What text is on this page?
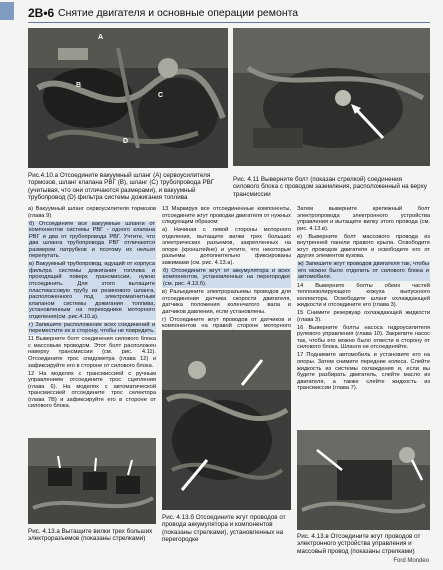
2B•6 Снятие двигателя и основные операции ремонта
A
B
C
D
Рис.4.10.а Отсоедините вакуумный шланг (А) сервоусилителя тормозов, шланг клапана РВГ (В), шланг (С) трубопровода РВГ (учитывая, что они отличаются размерами), и вакуумный трубопровод (D) фильтра системы дожигания топлива
Рис. 4.11 Выверните болт (показан стрелкой) соединения силового блока с проводом заземления, расположенный на верху трансмиссии

а) Вакуумный шланг сервоусилителя тормозов (глава 9)

б) Отсоедините все вакуумные шланги от компонентов системы РВГ - одного клапана РВГ и два от трубопровода РВГ. Учтите, что два шланга трубопровода РВГ отличаются размером патрубков и поэтому их нельзя перепутать.

в) Вакуумный трубопровод, идущий от корпуса фильтра системы дожигания топлива и проходящий поверх трансмиссии, нужно отсоединить. Для этого вытащите пластмассовую трубу из резинового шланга, расположенного под электромагнитным клапаном системы дожигания топлива, установленным на переходнике моторного отделения(см. рис.4.10.а).

г) Запишите расположение всех соединений и переместите их в сторону, чтобы не повредить.

11 Выверните болт соединения силового блока с массовым проводом. Этот болт расположен наверху трансмиссии (см. рис. 4.11). Отсоедините трос спидометра (глава 12) и зафиксируйте его в стороне от силового блока.

12 На моделях с трансмиссией с ручным управлением отсоедините трос сцепления (глава 6). На моделях с автоматической трансмиссией отсоедините трос селектора (глава 7В) и зафиксируйте его в стороне от силового блока.

13 Маркируя все отсоединенные компоненты, отсоедините жгут проводки двигателя от нужных следующим образом:

а) Начиная с левой стороны моторного отделения, вытащите вилки трех больших электрических разъемов, закрепленных на опоре (кронштейне) и учтите, что некоторые разъемы дополнительно фиксированы зажимами (см. рис. 4.13.а).

б) Отсоедините жгут от аккумулятора и всех компонентов, установленных на перегородке (см. рис. 4.13.б).

в) Разъедините электроразъемы проводов для отсоединения датчика скорости двигателя, датчика положения коленчатого вала и датчиков давления, если установлены.

г) Отсоедините жгут проводов от датчиков и компонентов на правой стороне моторного

Затем выверните крепежный болт электропровода электронного устройства управления и вытащите вилку этого провода (см. рис. 4.13.в).

е) Выверните болт массового провода из внутренней панели правого крыла. Освободите жгут проводов двигателя и освободите его от других элементов кузова.

ж) Запишите жгут проводов двигателя так, чтобы его можно было отделить от силового блока и автомобиля.

14 Выверните болты обеих частей теплоизолирующего кожуха выпускного коллектора. Освободите шланг охлаждающей жидкости и отсоедините его (глава 3).

15 Снимите резервуар охлаждающей жидкости (глава 3).

16 Выверните болты насоса гидроусилителя рулевого управления (глава 10). Закрепите насос так, чтобы его можно было отвести в сторону от силового блока. Шланги не отсоединяйте.

17 Поднимите автомобиль и установите его на опоры. Затем снимите передние колеса. Слейте жидкость из системы охлаждения и, если вы будете разбирать двигатель, слейте масло из двигателя, а также слейте жидкость из трансмиссии (глава 7).

Рис. 4.13.б Отсоедините жгут проводов от провода аккумулятора и компонентов (показаны стрелками), установленных на перегородке
Рис. 4.13.а Вытащите вилки трех больших электроразъемов (показаны стрелками)	Рис. 4.13.в Отсоедините жгут проводов от электронного устройства управления и массовый провод (показаны стрелками)
Ford Mondeo
